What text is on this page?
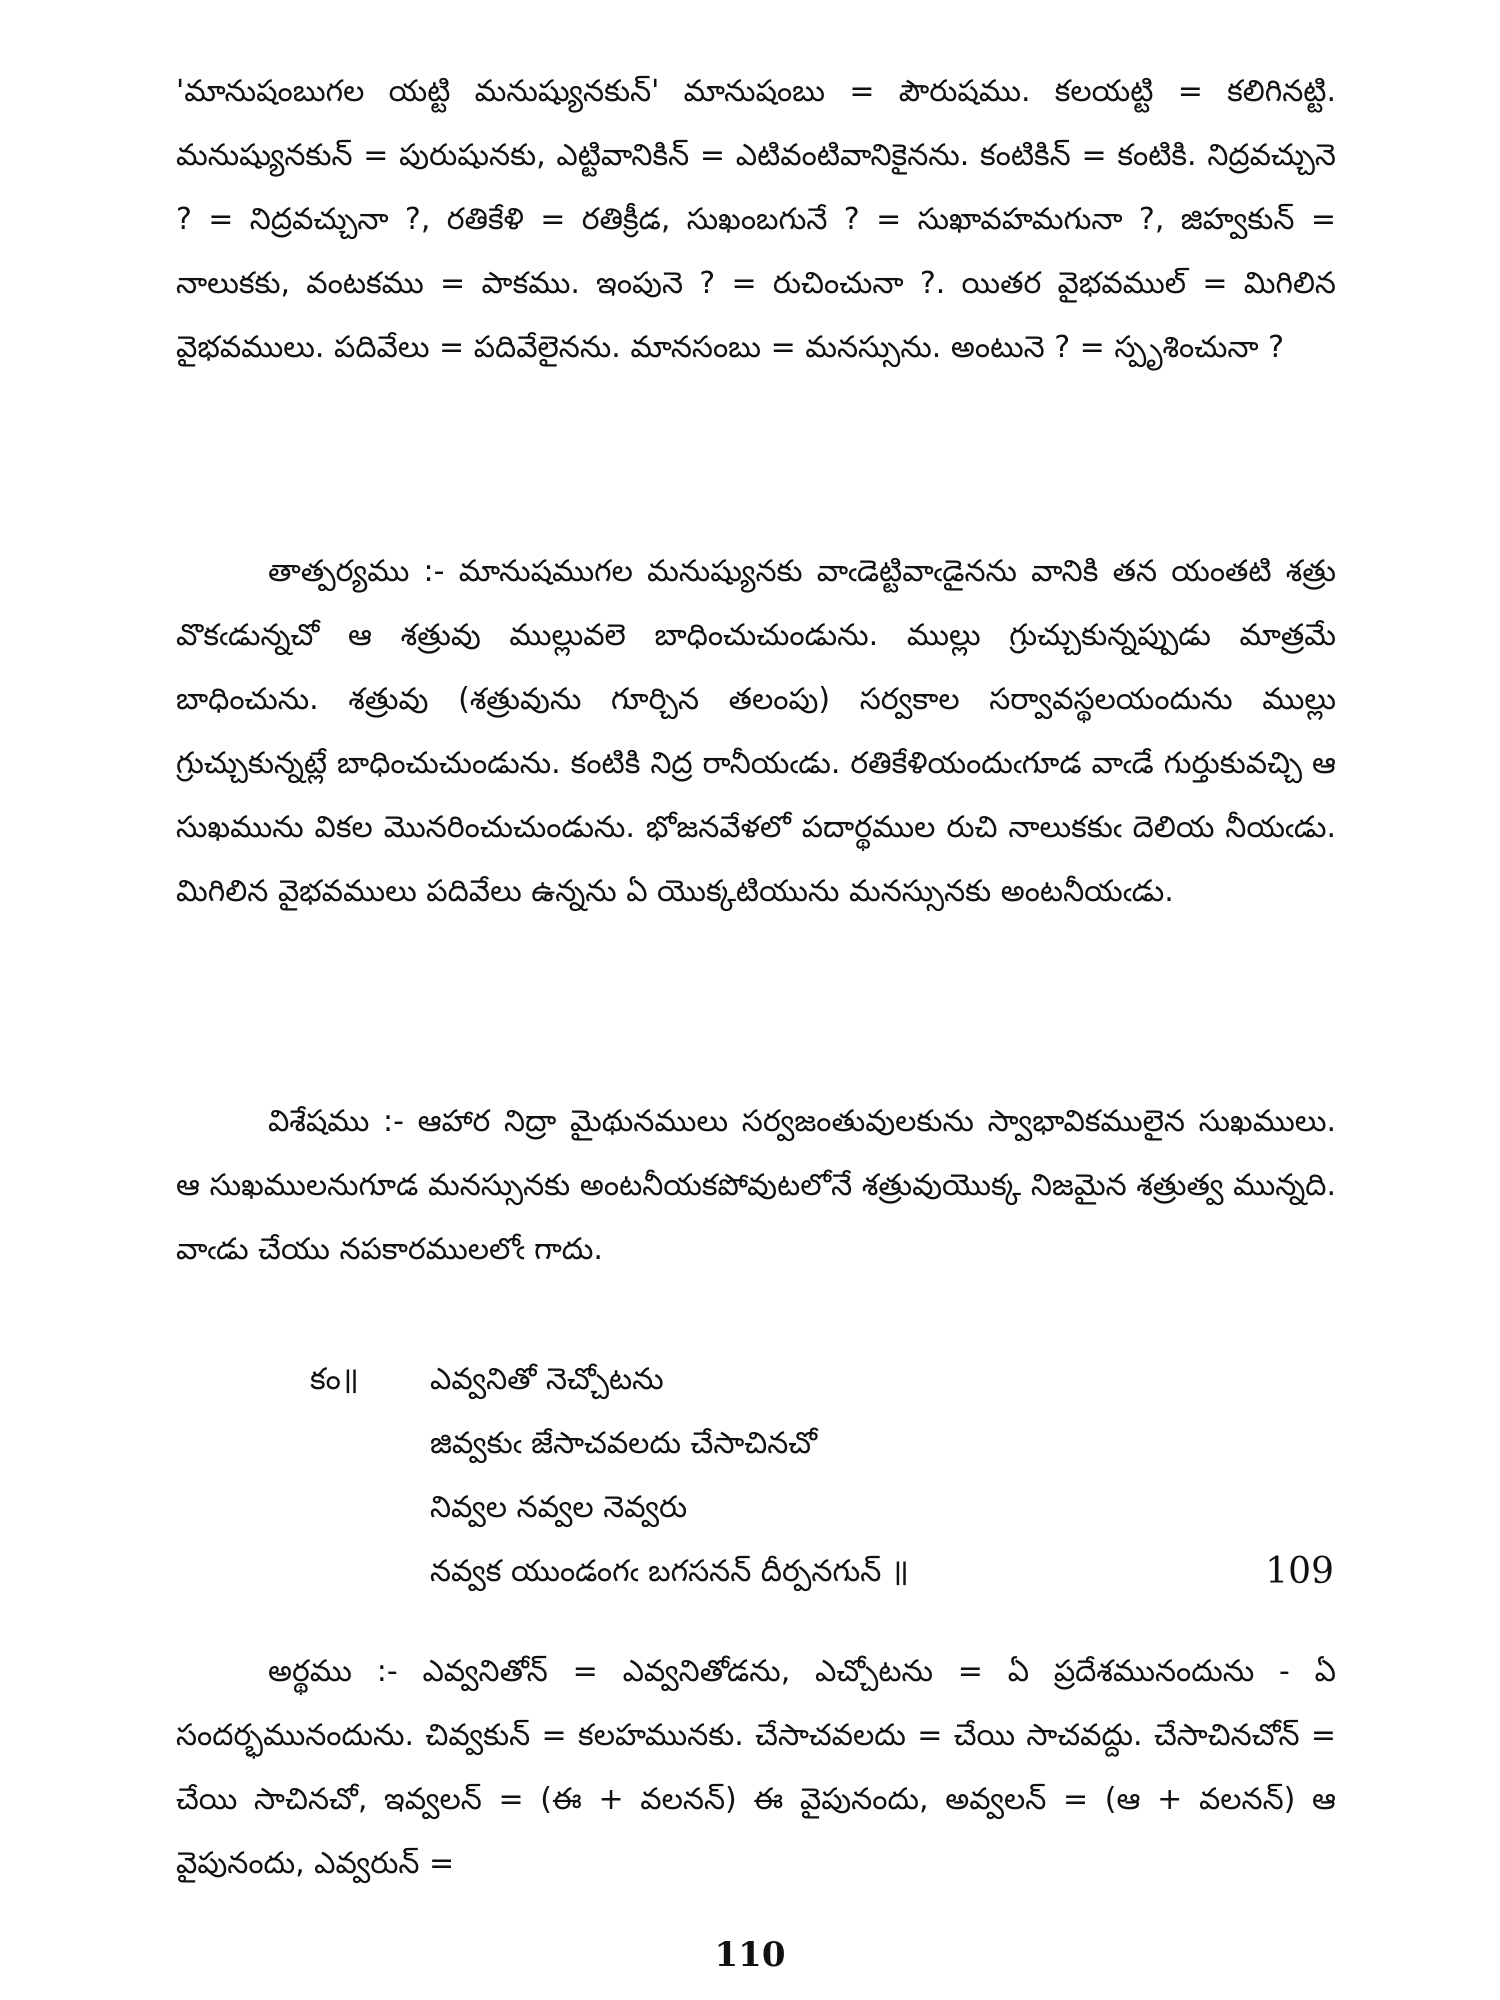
'మానుషంబుగల యట్టి మనుష్యునకున్' మానుషంబు = పౌరుషము. కలయట్టి = కలిగినట్టి. మనుష్యునకున్ = పురుషునకు, ఎట్టివానికిన్ = ఎటివంటివానికైనను. కంటికిన్ = కంటికి. నిద్రవచ్చునె ? = నిద్రవచ్చునా ?, రతికేళి = రతిక్రీడ, సుఖంబగునే ? = సుఖావహమగునా ?, జిహ్వకున్ = నాలుకకు, వంటకము = పాకము. ఇంపునె ? = రుచించునా ?. యితర వైభవముల్ = మిగిలిన వైభవములు. పదివేలు = పదివేలైనను. మానసంబు = మనస్సును. అంటునె ? = స్పృశించునా ?

తాత్పర్యము :- మానుషముగల మనుష్యునకు వాఁడెట్టివాఁడైనను వానికి తన యంతటి శత్రు వొకఁడున్నచో ఆ శత్రువు ముల్లువలె బాధించుచుండును. ముల్లు గ్రుచ్చుకున్నప్పుడు మాత్రమే బాధించును. శత్రువు (శత్రువును గూర్చిన తలంపు) సర్వకాల సర్వావస్థలయందును ముల్లు గ్రుచ్చుకున్నట్లే బాధించుచుండును. కంటికి నిద్ర రానీయఁడు. రతికేళియందుఁగూడ వాఁడే గుర్తుకువచ్చి ఆ సుఖమును వికల మొనరించుచుండును. భోజనవేళలో పదార్థముల రుచి నాలుకకుఁ దెలియ నీయఁడు. మిగిలిన వైభవములు పదివేలు ఉన్నను ఏ యొక్కటియును మనస్సునకు అంటనీయఁడు.

విశేషము :- ఆహార నిద్రా మైథునములు సర్వజంతువులకును స్వాభావికములైన సుఖములు. ఆ సుఖములనుగూడ మనస్సునకు అంటనీయకపోవుటలోనే శత్రువుయొక్క నిజమైన శత్రుత్వ మున్నది. వాఁడు చేయు నపకారములలోఁ గాదు.

కం॥	ఎవ్వనితో నెచ్చోటను
జివ్వకుఁ జేసాచవలదు చేసాచినచో
నివ్వల నవ్వల నెవ్వరు
నవ్వక యుండంగఁ బగసనన్ దీర్పనగున్ ॥	109

అర్థము :- ఎవ్వనితోన్ = ఎవ్వనితోడను, ఎచ్చోటను = ఏ ప్రదేశమునందును - ఏ సందర్భమునందును. చివ్వకున్ = కలహమునకు. చేసాచవలదు = చేయి సాచవద్దు. చేసాచినచోన్ = చేయి సాచినచో, ఇవ్వలన్ = (ఈ + వలనన్) ఈ వైపునందు, అవ్వలన్ = (ఆ + వలనన్) ఆ వైపునందు, ఎవ్వరున్ =

110
